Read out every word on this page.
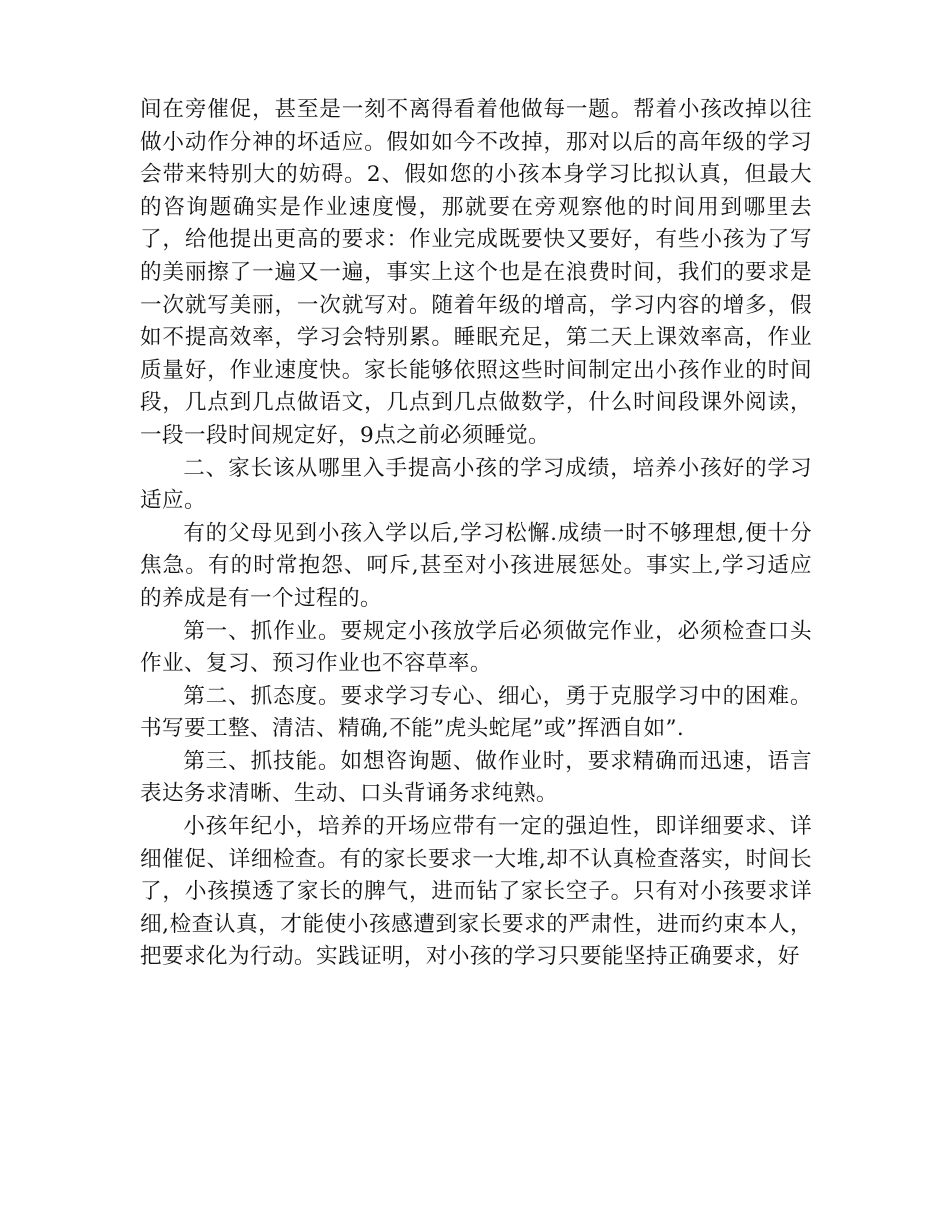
间在旁催促，甚至是一刻不离得看着他做每一题。帮着小孩改掉以往做小动作分神的坏适应。假如如今不改掉，那对以后的高年级的学习会带来特别大的妨碍。2、假如您的小孩本身学习比拟认真，但最大的咨询题确实是作业速度慢，那就要在旁观察他的时间用到哪里去了，给他提出更高的要求：作业完成既要快又要好，有些小孩为了写的美丽擦了一遍又一遍，事实上这个也是在浪费时间，我们的要求是一次就写美丽，一次就写对。随着年级的增高，学习内容的增多，假如不提高效率，学习会特别累。睡眠充足，第二天上课效率高，作业质量好，作业速度快。家长能够依照这些时间制定出小孩作业的时间段，几点到几点做语文，几点到几点做数学，什么时间段课外阅读，一段一段时间规定好，9点之前必须睡觉。

二、家长该从哪里入手提高小孩的学习成绩，培养小孩好的学习适应。

有的父母见到小孩入学以后,学习松懈.成绩一时不够理想,便十分焦急。有的时常抱怨、呵斥,甚至对小孩进展惩处。事实上,学习适应的养成是有一个过程的。

第一、抓作业。要规定小孩放学后必须做完作业，必须检查口头作业、复习、预习作业也不容草率。

第二、抓态度。要求学习专心、细心，勇于克服学习中的困难。书写要工整、清洁、精确,不能”虎头蛇尾”或”挥洒自如”.

第三、抓技能。如想咨询题、做作业时，要求精确而迅速，语言表达务求清晰、生动、口头背诵务求纯熟。

小孩年纪小，培养的开场应带有一定的强迫性，即详细要求、详细催促、详细检查。有的家长要求一大堆,却不认真检查落实，时间长了，小孩摸透了家长的脾气，进而钻了家长空子。只有对小孩要求详细,检查认真，才能使小孩感遭到家长要求的严肃性，进而约束本人，把要求化为行动。实践证明，对小孩的学习只要能坚持正确要求，好
